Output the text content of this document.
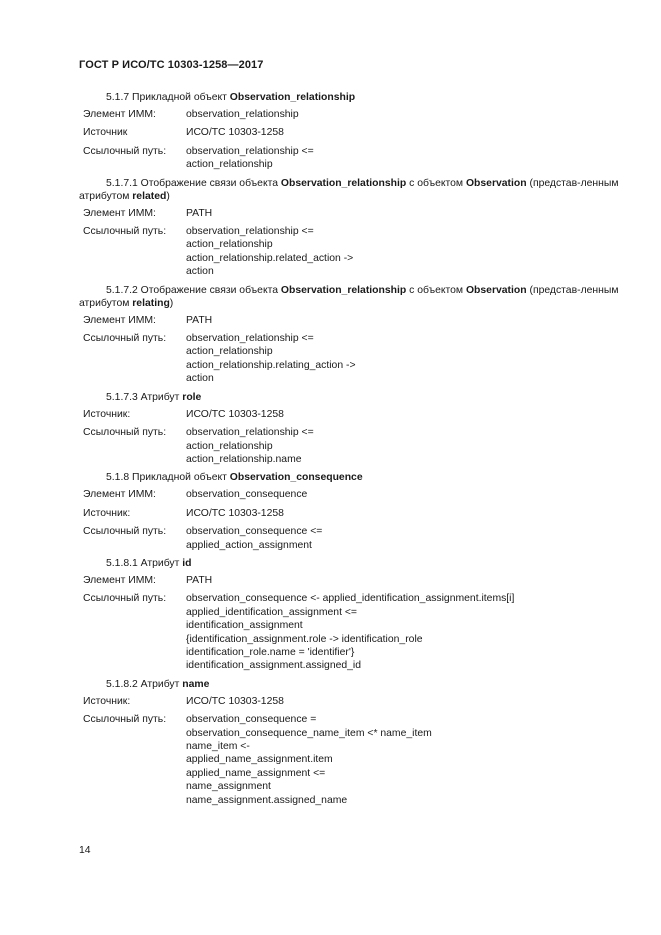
ГОСТ Р ИСО/ТС 10303-1258—2017
5.1.7 Прикладной объект Observation_relationship
Элемент ИММ:	observation_relationship
Источник	ИСО/ТС 10303-1258
Ссылочный путь:	observation_relationship <=
action_relationship
5.1.7.1 Отображение связи объекта Observation_relationship с объектом Observation (представ-ленным атрибутом related)
Элемент ИММ:	PATH
Ссылочный путь:	observation_relationship <=
action_relationship
action_relationship.related_action ->
action
5.1.7.2 Отображение связи объекта Observation_relationship с объектом Observation (представ-ленным атрибутом relating)
Элемент ИММ:	PATH
Ссылочный путь:	observation_relationship <=
action_relationship
action_relationship.relating_action ->
action
5.1.7.3 Атрибут role
Источник:	ИСО/ТС 10303-1258
Ссылочный путь:	observation_relationship <=
action_relationship
action_relationship.name
5.1.8 Прикладной объект Observation_consequence
Элемент ИММ:	observation_consequence
Источник:	ИСО/ТС 10303-1258
Ссылочный путь:	observation_consequence <=
applied_action_assignment
5.1.8.1 Атрибут id
Элемент ИММ:	PATH
Ссылочный путь:	observation_consequence <- applied_identification_assignment.items[i]
applied_identification_assignment <=
identification_assignment
{identification_assignment.role -> identification_role
identification_role.name = 'identifier'}
identification_assignment.assigned_id
5.1.8.2 Атрибут name
Источник:	ИСО/ТС 10303-1258
Ссылочный путь:	observation_consequence =
observation_consequence_name_item <* name_item
name_item <-
applied_name_assignment.item
applied_name_assignment <=
name_assignment
name_assignment.assigned_name
14
